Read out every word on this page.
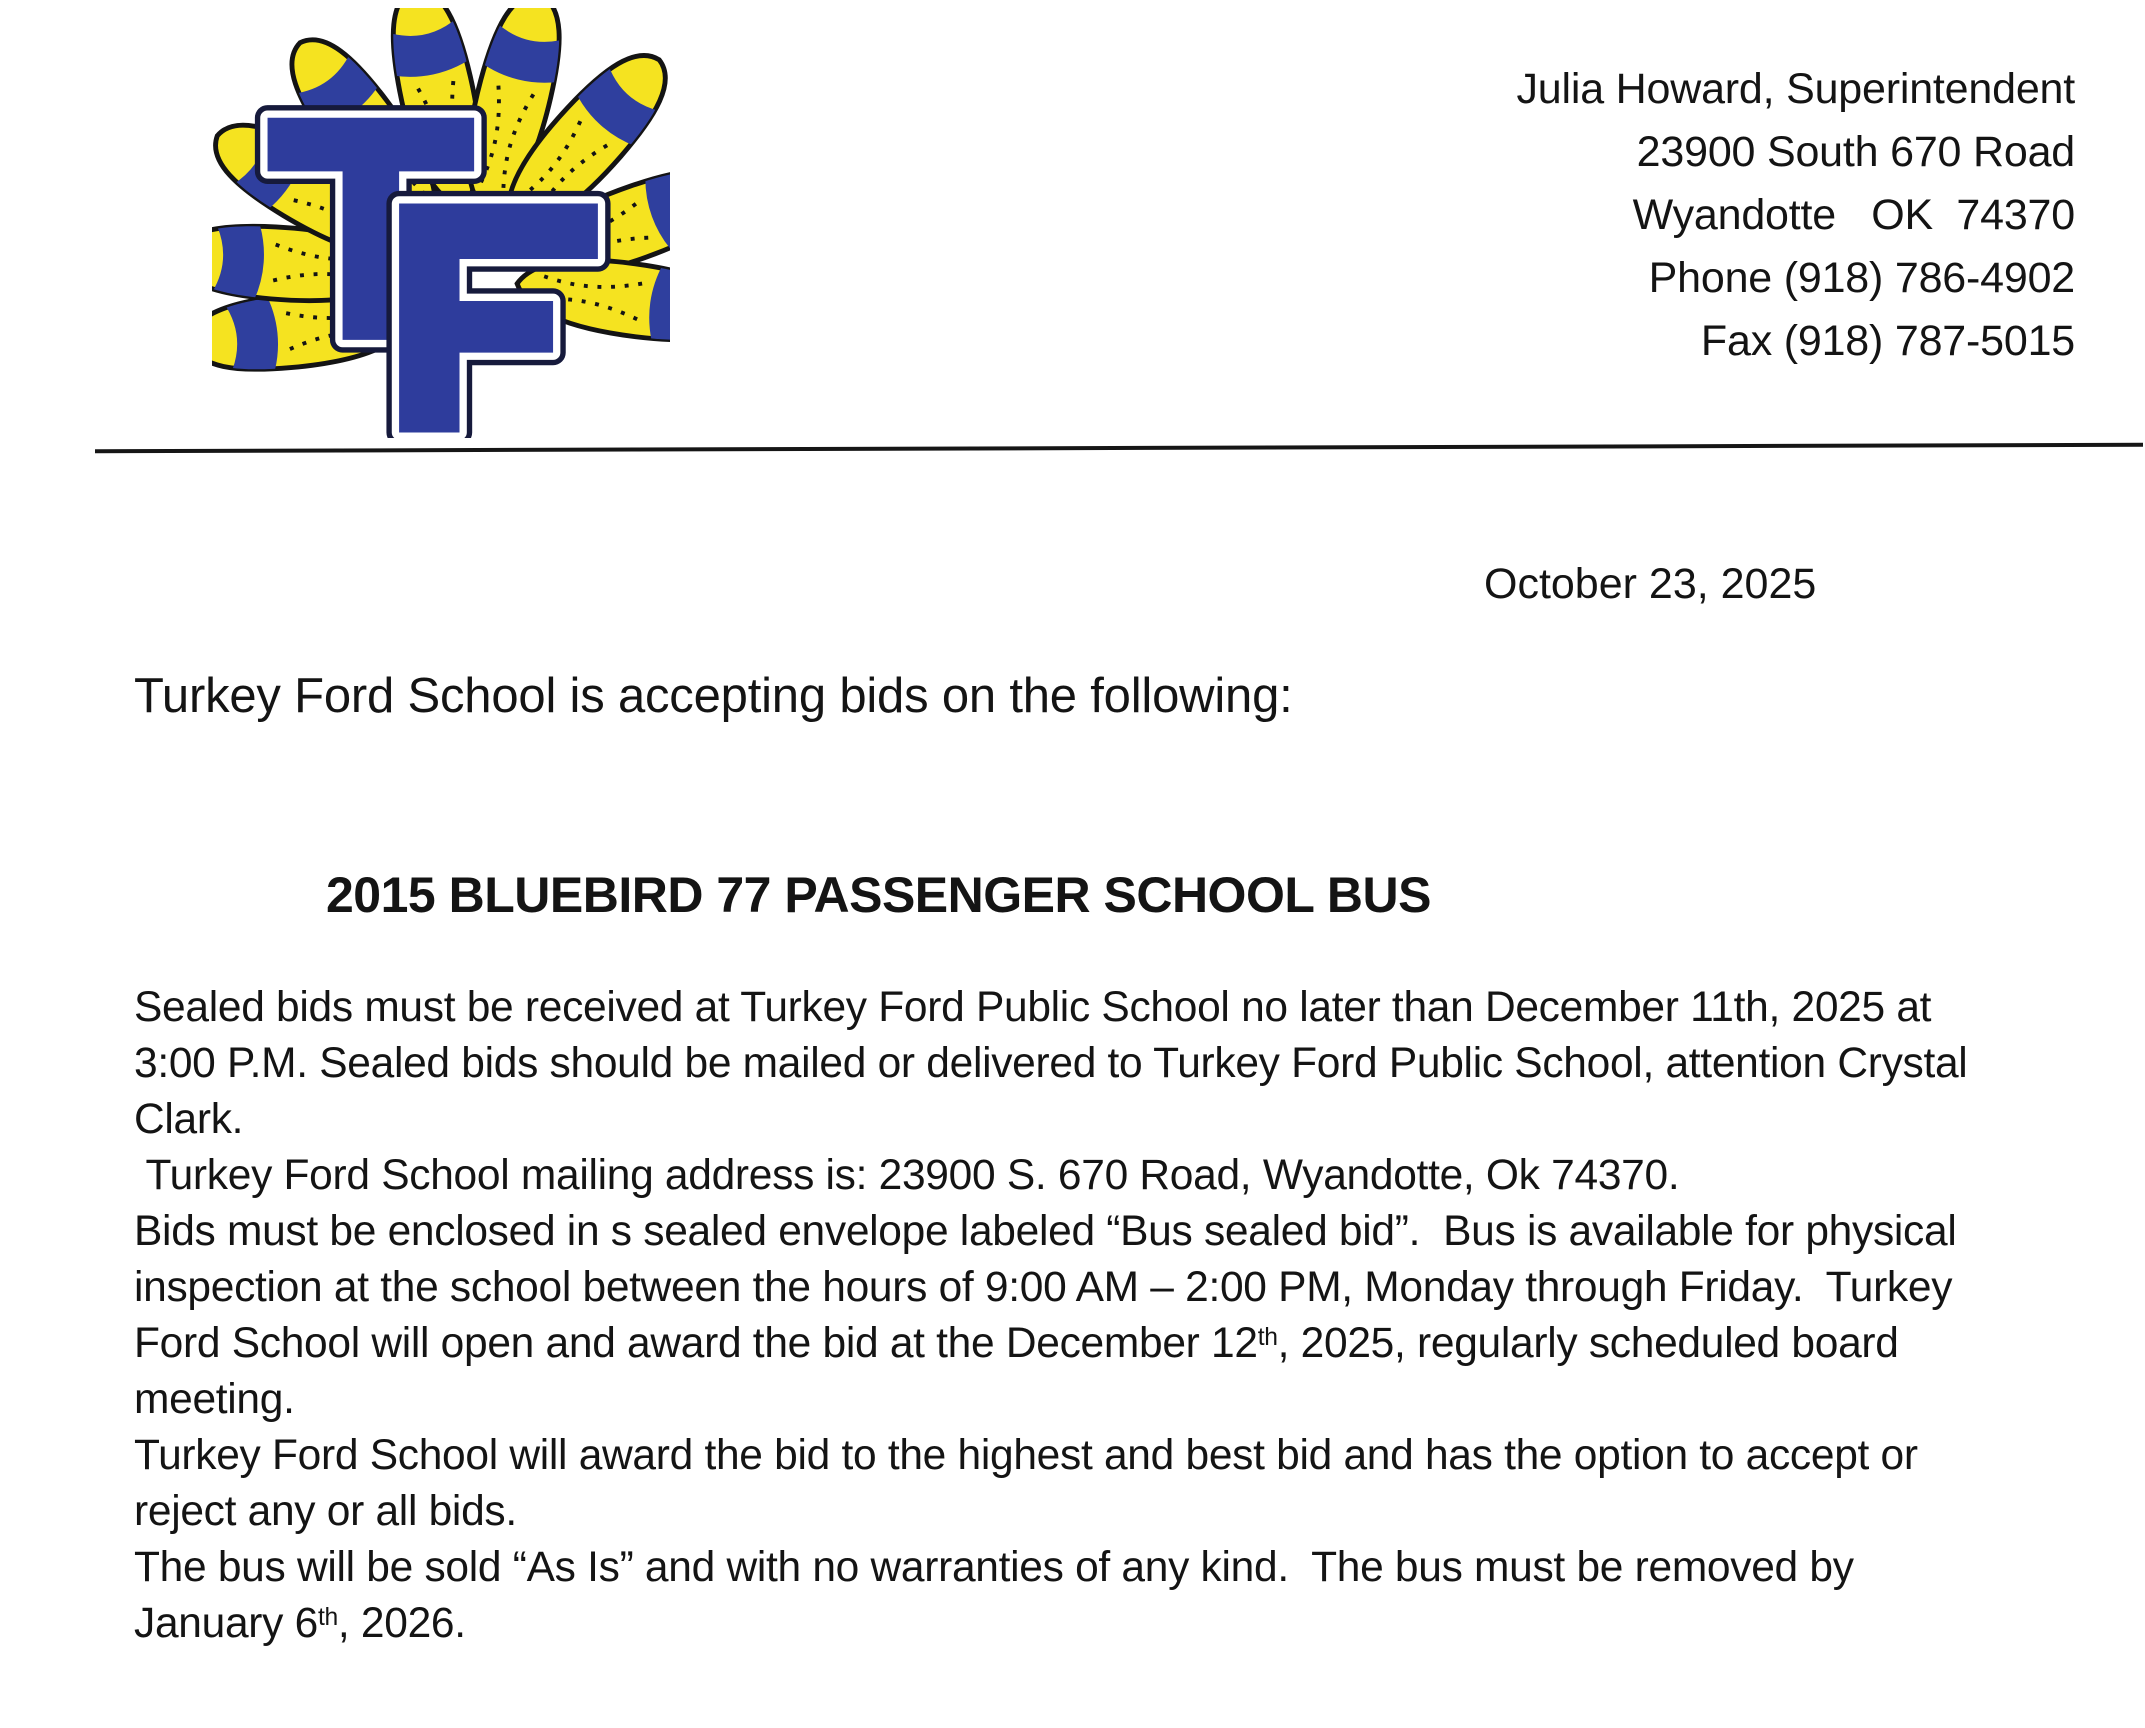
Julia Howard, Superintendent
23900 South 670 Road
Wyandotte   OK  74370
Phone (918) 786-4902
Fax (918) 787-5015
October 23, 2025
Turkey Ford School is accepting bids on the following:
2015 BLUEBIRD 77 PASSENGER SCHOOL BUS
Sealed bids must be received at Turkey Ford Public School no later than December 11th, 2025 at
3:00 P.M. Sealed bids should be mailed or delivered to Turkey Ford Public School, attention Crystal
Clark.
Turkey Ford School mailing address is: 23900 S. 670 Road, Wyandotte, Ok 74370.
Bids must be enclosed in s sealed envelope labeled “Bus sealed bid”.  Bus is available for physical
inspection at the school between the hours of 9:00 AM – 2:00 PM, Monday through Friday.  Turkey
Ford School will open and award the bid at the December 12th, 2025, regularly scheduled board
meeting.
Turkey Ford School will award the bid to the highest and best bid and has the option to accept or
reject any or all bids.
The bus will be sold “As Is” and with no warranties of any kind.  The bus must be removed by
January 6th, 2026.
